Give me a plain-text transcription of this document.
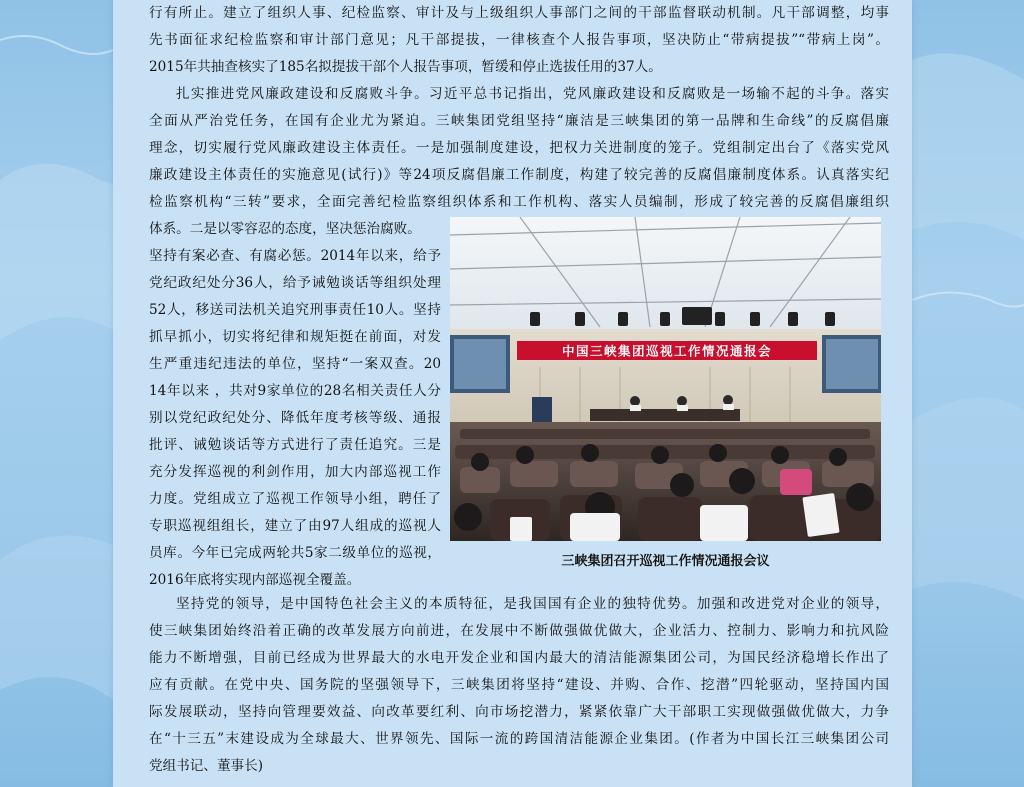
行有所止。建立了组织人事、纪检监察、审计及与上级组织人事部门之间的干部监督联动机制。凡干部调整，均事
先书面征求纪检监察和审计部门意见；凡干部提拔，一律核查个人报告事项，坚决防止“带病提拔”“带病上岗”。
2015年共抽查核实了185名拟提拔干部个人报告事项，暂缓和停止选拔任用的37人。
扎实推进党风廉政建设和反腐败斗争。习近平总书记指出，党风廉政建设和反腐败是一场输不起的斗争。落实
全面从严治党任务，在国有企业尤为紧迫。三峡集团党组坚持“廉洁是三峡集团的第一品牌和生命线”的反腐倡廉
理念，切实履行党风廉政建设主体责任。一是加强制度建设，把权力关进制度的笼子。党组制定出台了《落实党风
廉政建设主体责任的实施意见(试行)》等24项反腐倡廉工作制度，构建了较完善的反腐倡廉制度体系。认真落实纪
检监察机构“三转”要求，全面完善纪检监察组织体系和工作机构、落实人员编制，形成了较完善的反腐倡廉组织
体系。二是以零容忍的态度，坚决惩治腐败。
坚持有案必查、有腐必惩。2014年以来，给予
党纪政纪处分36人，给予诫勉谈话等组织处理
52人，移送司法机关追究刑事责任10人。坚持
抓早抓小，切实将纪律和规矩挺在前面，对发
生严重违纪违法的单位，坚持“一案双查。20
14年以来 ，共对9家单位的28名相关责任人分
别以党纪政纪处分、降低年度考核等级、通报
批评、诫勉谈话等方式进行了责任追究。三是
充分发挥巡视的利剑作用，加大内部巡视工作
力度。党组成立了巡视工作领导小组，聘任了
专职巡视组组长，建立了由97人组成的巡视人
员库。今年已完成两轮共5家二级单位的巡视，
2016年底将实现内部巡视全覆盖。
中国三峡集团巡视工作情况通报会
三峡集团召开巡视工作情况通报会议
坚持党的领导，是中国特色社会主义的本质特征，是我国国有企业的独特优势。加强和改进党对企业的领导，
使三峡集团始终沿着正确的改革发展方向前进，在发展中不断做强做优做大，企业活力、控制力、影响力和抗风险
能力不断增强，目前已经成为世界最大的水电开发企业和国内最大的清洁能源集团公司，为国民经济稳增长作出了
应有贡献。在党中央、国务院的坚强领导下，三峡集团将坚持“建设、并购、合作、挖潜”四轮驱动，坚持国内国
际发展联动，坚持向管理要效益、向改革要红利、向市场挖潜力，紧紧依靠广大干部职工实现做强做优做大，力争
在“十三五”末建设成为全球最大、世界领先、国际一流的跨国清洁能源企业集团。(作者为中国长江三峡集团公司
党组书记、董事长)
